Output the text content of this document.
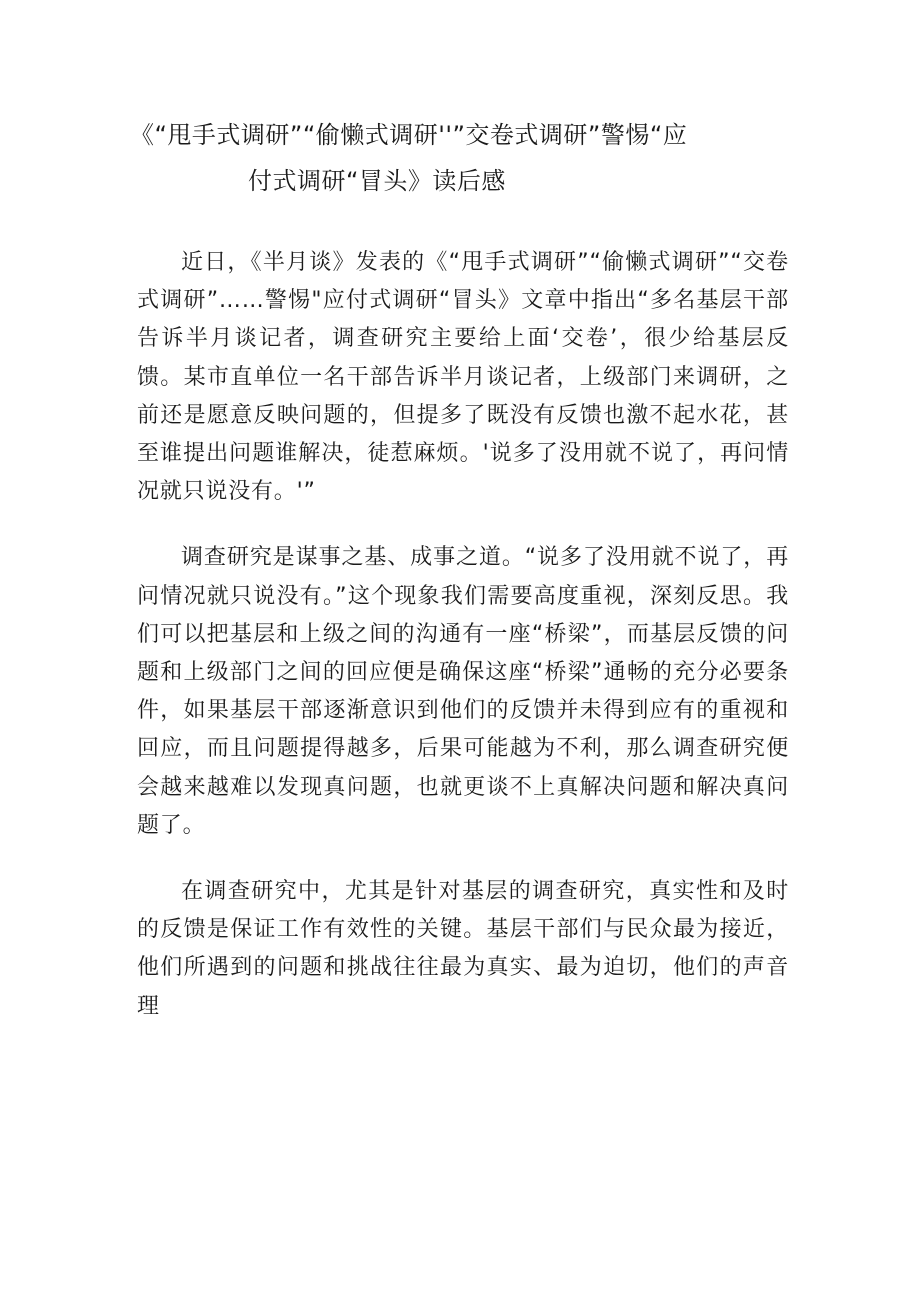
《“甩手式调研”“偷懒式调研''”交卷式调研”警惕“应
付式调研“冒头》读后感

近日，《半月谈》发表的《“甩手式调研”“偷懒式调研”“交卷式调研”……警惕"应付式调研“冒头》文章中指出“多名基层干部告诉半月谈记者，调查研究主要给上面‘交卷’，很少给基层反馈。某市直单位一名干部告诉半月谈记者，上级部门来调研，之前还是愿意反映问题的，但提多了既没有反馈也激不起水花，甚至谁提出问题谁解决，徒惹麻烦。'说多了没用就不说了，再问情况就只说没有。'”

调查研究是谋事之基、成事之道。“说多了没用就不说了，再问情况就只说没有。”这个现象我们需要高度重视，深刻反思。我们可以把基层和上级之间的沟通有一座“桥梁”，而基层反馈的问题和上级部门之间的回应便是确保这座“桥梁”通畅的充分必要条件，如果基层干部逐渐意识到他们的反馈并未得到应有的重视和回应，而且问题提得越多，后果可能越为不利，那么调查研究便会越来越难以发现真问题，也就更谈不上真解决问题和解决真问题了。

在调查研究中，尤其是针对基层的调查研究，真实性和及时的反馈是保证工作有效性的关键。基层干部们与民众最为接近，他们所遇到的问题和挑战往往最为真实、最为迫切，他们的声音理
